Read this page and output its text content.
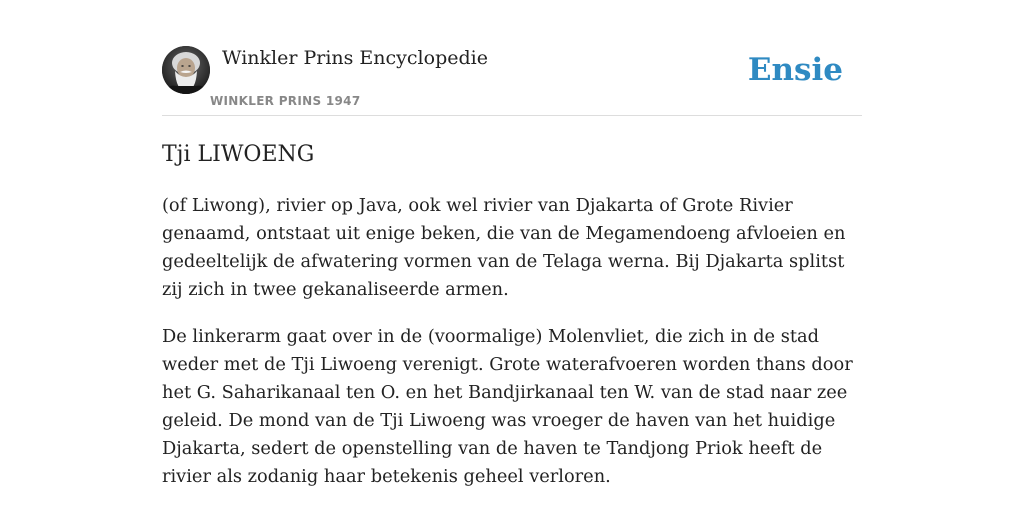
Winkler Prins Encyclopedie
WINKLER PRINS 1947
Ensie
Tji LIWOENG

(of Liwong), rivier op Java, ook wel rivier van Djakarta of Grote Rivier genaamd, ontstaat uit enige beken, die van de Megamendoeng afvloeien en gedeeltelijk de afwatering vormen van de Telaga werna. Bij Djakarta splitst zij zich in twee gekanaliseerde armen.

De linkerarm gaat over in de (voormalige) Molenvliet, die zich in de stad weder met de Tji Liwoeng verenigt. Grote waterafvoeren worden thans door het G. Saharikanaal ten O. en het Bandjirkanaal ten W. van de stad naar zee geleid. De mond van de Tji Liwoeng was vroeger de haven van het huidige Djakarta, sedert de openstelling van de haven te Tandjong Priok heeft de rivier als zodanig haar betekenis geheel verloren.
